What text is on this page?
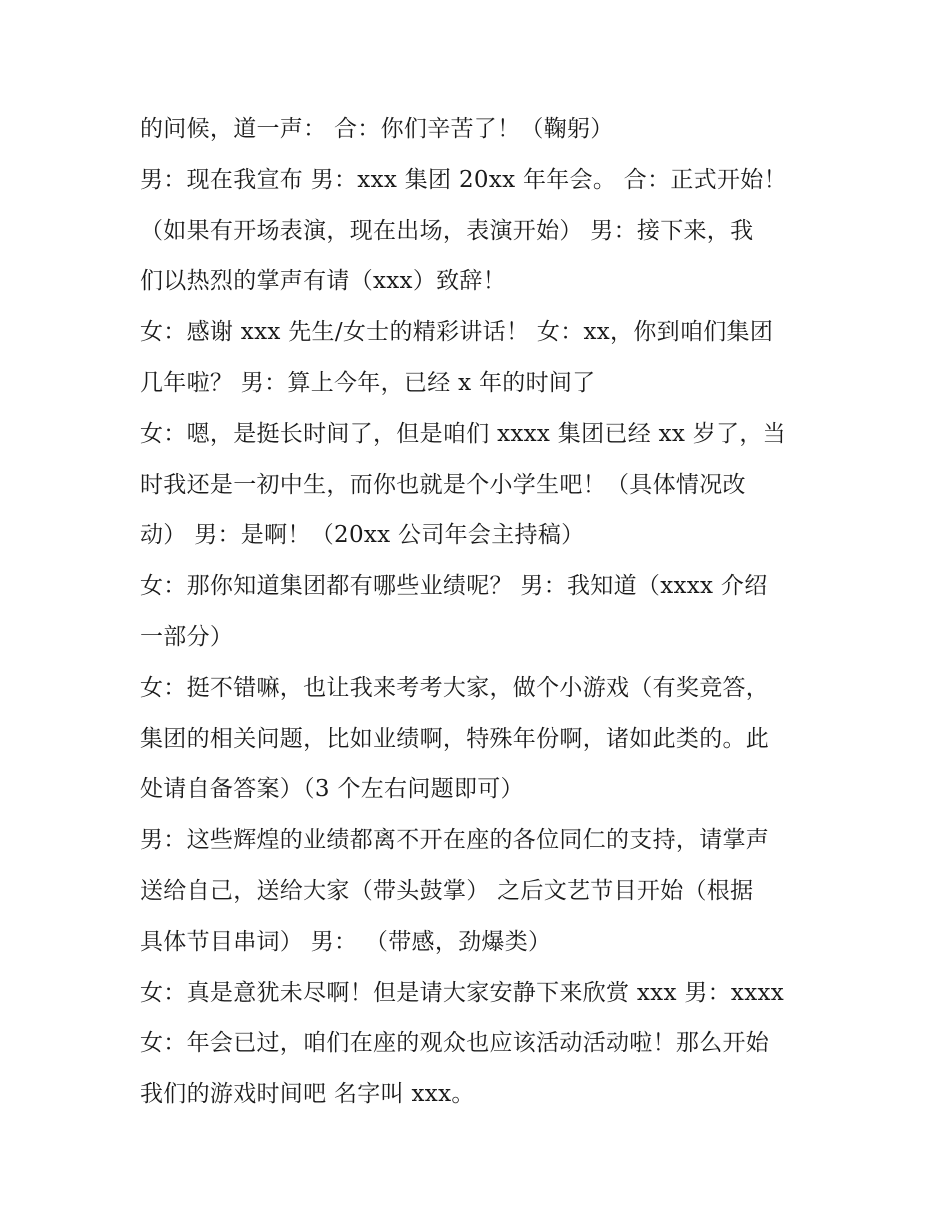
的问候，道一声： 合：你们辛苦了！（鞠躬）
男：现在我宣布 男：xxx 集团 20xx 年年会。 合：正式开始！
（如果有开场表演，现在出场，表演开始） 男：接下来，我
们以热烈的掌声有请（xxx）致辞！
女：感谢 xxx 先生/女士的精彩讲话！ 女：xx，你到咱们集团
几年啦？ 男：算上今年，已经 x 年的时间了
女：嗯，是挺长时间了，但是咱们 xxxx 集团已经 xx 岁了，当
时我还是一初中生，而你也就是个小学生吧！（具体情况改
动） 男：是啊！（20xx 公司年会主持稿）
女：那你知道集团都有哪些业绩呢？ 男：我知道（xxxx 介绍
一部分）
女：挺不错嘛，也让我来考考大家，做个小游戏（有奖竞答，
集团的相关问题，比如业绩啊，特殊年份啊，诸如此类的。此
处请自备答案）（3 个左右问题即可）
男：这些辉煌的业绩都离不开在座的各位同仁的支持，请掌声
送给自己，送给大家（带头鼓掌） 之后文艺节目开始（根据
具体节目串词） 男： （带感，劲爆类）
女：真是意犹未尽啊！但是请大家安静下来欣赏 xxx 男：xxxx
女：年会已过，咱们在座的观众也应该活动活动啦！那么开始
我们的游戏时间吧 名字叫 xxx。
